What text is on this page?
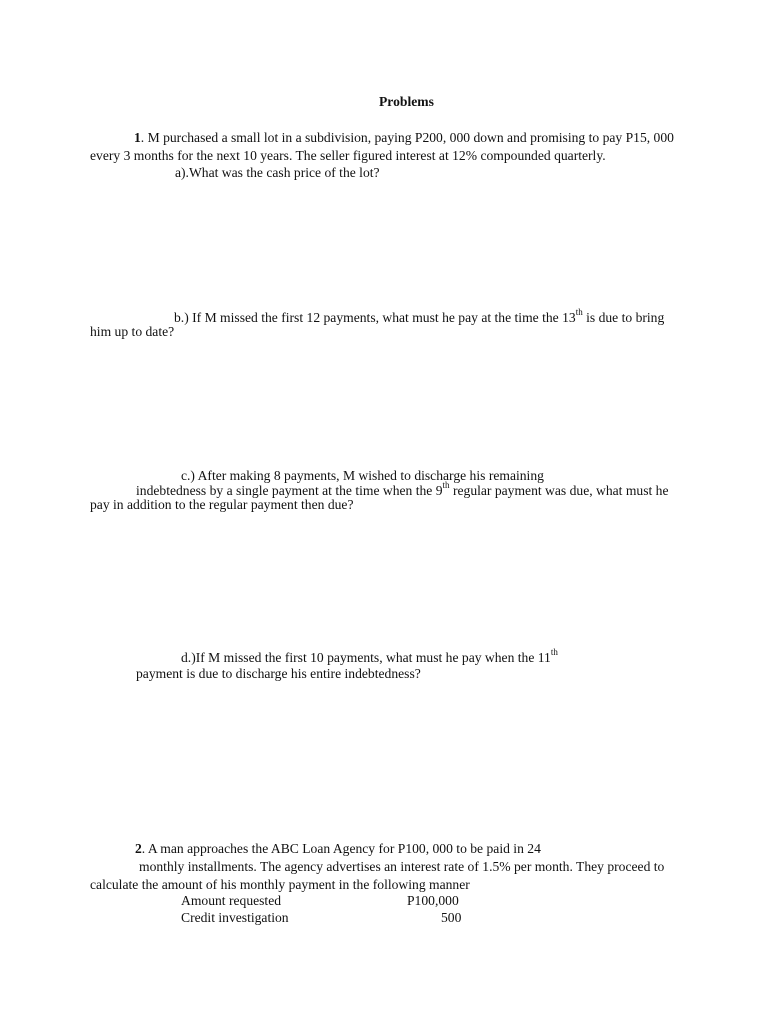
Problems
1. M purchased a small lot in a subdivision, paying P200, 000 down and promising to pay P15, 000
every 3 months for the next 10 years. The seller figured interest at 12% compounded quarterly.
a).What was the cash price of the lot?
b.) If M missed the first 12 payments, what must he pay at the time the 13th is due to bring
him up to date?
c.) After making 8 payments, M wished to discharge his remaining
indebtedness by a single payment at the time when the 9th regular payment was due, what must he
pay in addition to the regular payment then due?
d.)If M missed the first 10 payments, what must he pay when the 11th
payment is due to discharge his entire indebtedness?
2. A man approaches the ABC Loan Agency for P100, 000 to be paid in 24
monthly installments. The agency advertises an interest rate of 1.5% per month. They proceed to
calculate the amount of his monthly payment in the following manner
Amount requested	P100,000
Credit investigation	500
